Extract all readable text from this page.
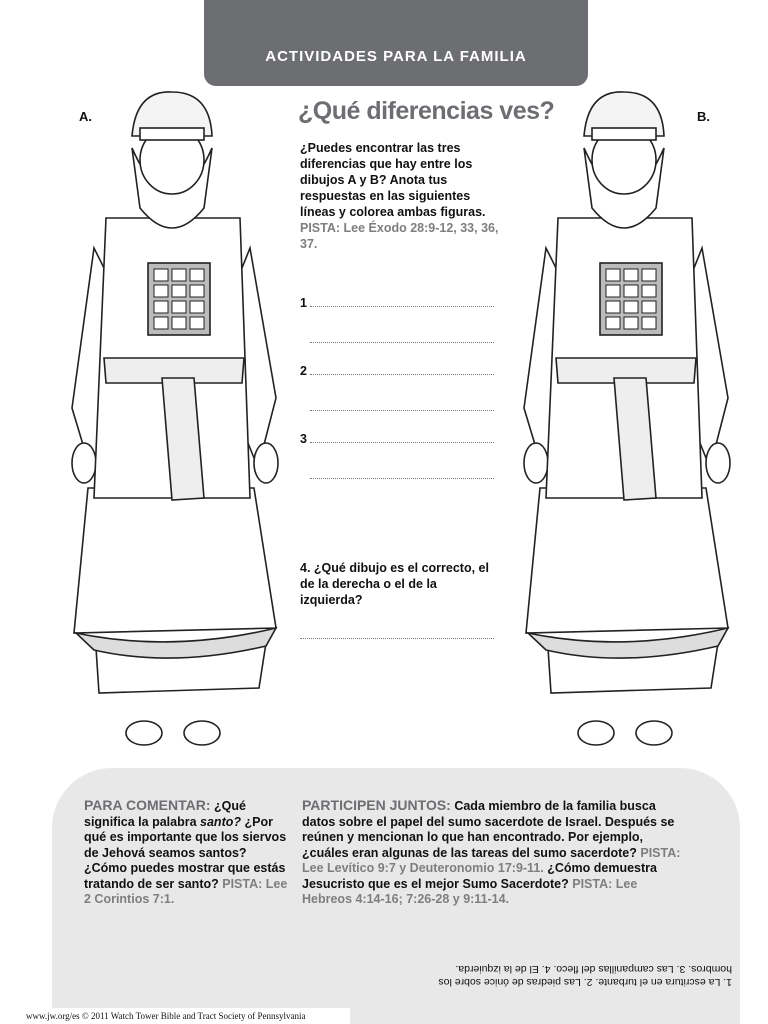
ACTIVIDADES PARA LA FAMILIA
A.	B.
¿Qué diferencias ves?
¿Puedes encontrar las tres diferencias que hay entre los dibujos A y B? Anota tus respuestas en las siguientes líneas y colorea ambas figuras. PISTA: Lee Éxodo 28:9-12, 33, 36, 37.
1
2
3
4. ¿Qué dibujo es el correcto, el de la derecha o el de la izquierda?
PARA COMENTAR: ¿Qué significa la palabra santo? ¿Por qué es importante que los siervos de Jehová seamos santos? ¿Cómo puedes mostrar que estás tratando de ser santo? PISTA: Lee 2 Corintios 7:1.
PARTICIPEN JUNTOS: Cada miembro de la familia busca datos sobre el papel del sumo sacerdote de Israel. Después se reúnen y mencionan lo que han encontrado. Por ejemplo, ¿cuáles eran algunas de las tareas del sumo sacerdote? PISTA: Lee Levítico 9:7 y Deuteronomio 17:9-11. ¿Cómo demuestra Jesucristo que es el mejor Sumo Sacerdote? PISTA: Lee Hebreos 4:14-16; 7:26-28 y 9:11-14.
1. La escritura en el turbante. 2. Las piedras de ónice sobre los hombros. 3. Las campanillas del fleco. 4. El de la izquierda.
www.jw.org/es © 2011 Watch Tower Bible and Tract Society of Pennsylvania
